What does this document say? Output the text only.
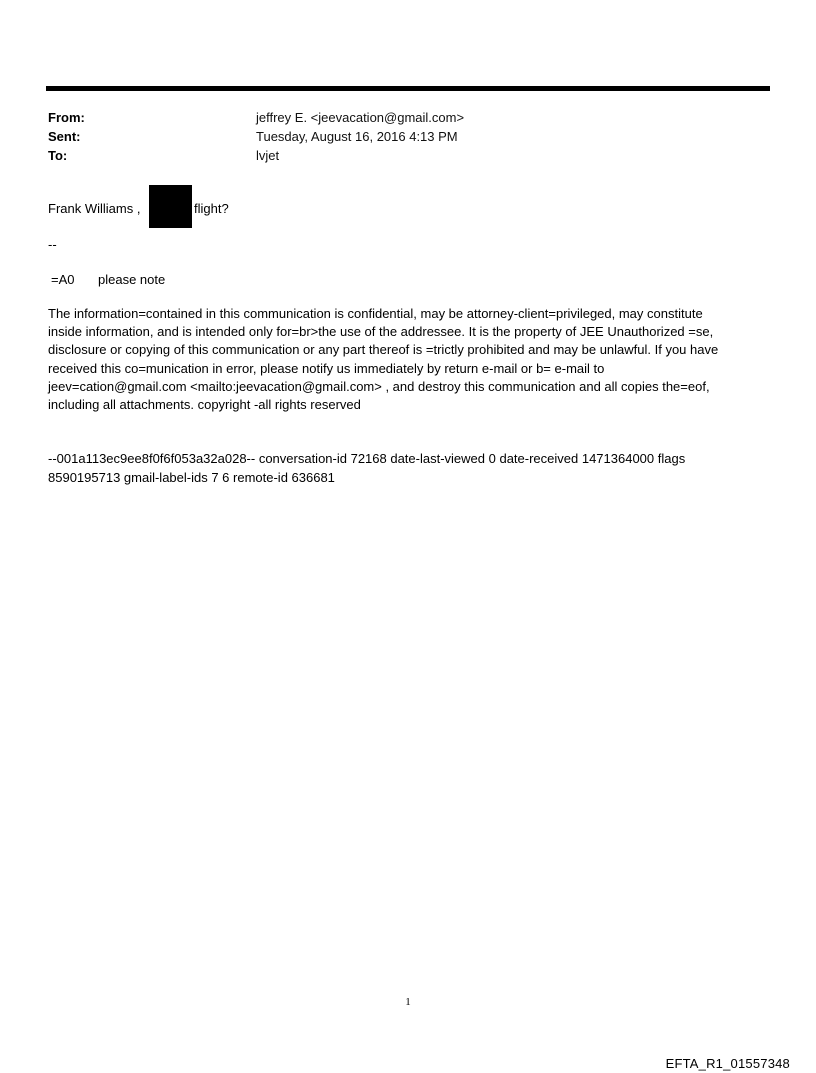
From:	jeffrey E. <jeevacation@gmail.com>
Sent:	Tuesday, August 16, 2016 4:13 PM
To:	lvjet
Frank Williams ,	flight?
--
=A0 please note
The information=contained in this communication is confidential, may be attorney-client=privileged, may constitute
inside information, and is intended only for=br>the use of the addressee. It is the property of JEE Unauthorized =se,
disclosure or copying of this communication or any part thereof is =trictly prohibited and may be unlawful. If you have
received this co=munication in error, please notify us immediately by return e-mail or b= e-mail to
jeev=cation@gmail.com <mailto:jeevacation@gmail.com> , and destroy this communication and all copies the=eof,
including all attachments. copyright -all rights reserved
--001a113ec9ee8f0f6f053a32a028-- conversation-id 72168 date-last-viewed 0 date-received 1471364000 flags
8590195713 gmail-label-ids 7 6 remote-id 636681
1
EFTA_R1_01557348
